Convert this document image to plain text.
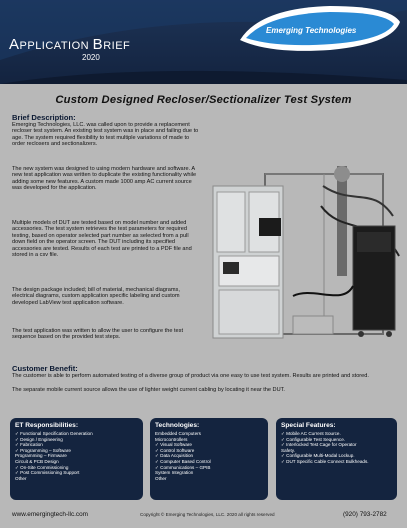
APPLICATION BRIEF
2020
Emerging Technologies
Custom Designed Recloser/Sectionalizer Test System
Brief Description:
Emerging Technologies, LLC. was called upon to provide a replacement recloser test system. An existing test system was in place and failing due to age. The system required flexibility to test multiple variations of made to order reclosers and sectionalizers.
The new system was designed to using modern hardware and software. A new test application was written to duplicate the existing functionality while adding some new features. A custom made 1000 amp AC current source was developed for the application.
Multiple models of DUT are tested based on model number and added accessories. The test system retrieves the test parameters for required testing, based on operator selected part number as selected from a pull down field on the operator screen. The DUT including its specified accessories are tested. Results of each test are printed to a PDF file and stored in a csv file.
The design package included; bill of material, mechanical diagrams, electrical diagrams, custom application specific labeling and custom developed LabView test application software.
The test application was written to allow the user to configure the test sequence based on the provided test steps.
Customer Benefit:
The customer is able to perform automated testing of a diverse group of product via one easy to use test system. Results are printed and stored.
The separate mobile current source allows the use of lighter weight current cabling by locating it near the DUT.
ET Responsibilities:
✓ Functional Specification Generation
✓ Design / Engineering
✓ Fabrication
✓ Programming – Software
Programming – Firmware
Circuit & PCB Design
✓ On-Site Commissioning
✓ Post Commissioning Support
Other
Technologies:
Embedded Computers
Microcontrollers
✓ Visual Software
✓ Control Software
✓ Data Acquisition
✓ Computer Based Control
✓ Communications – GPIB
System Integration
Other
Special Features:
✓ Mobile AC Current Source.
✓ Configurable Test Sequence.
✓ Interlocked Test Cage for Operator
Safety.
✓ Configurable Multi-Modal Lockup.
✓ DUT Specific Cable Connect Bulkheads.
www.emergingtech-llc.com	Copyright © Emerging Technologies, LLC. 2020 all rights reserved	(920) 793-2782
